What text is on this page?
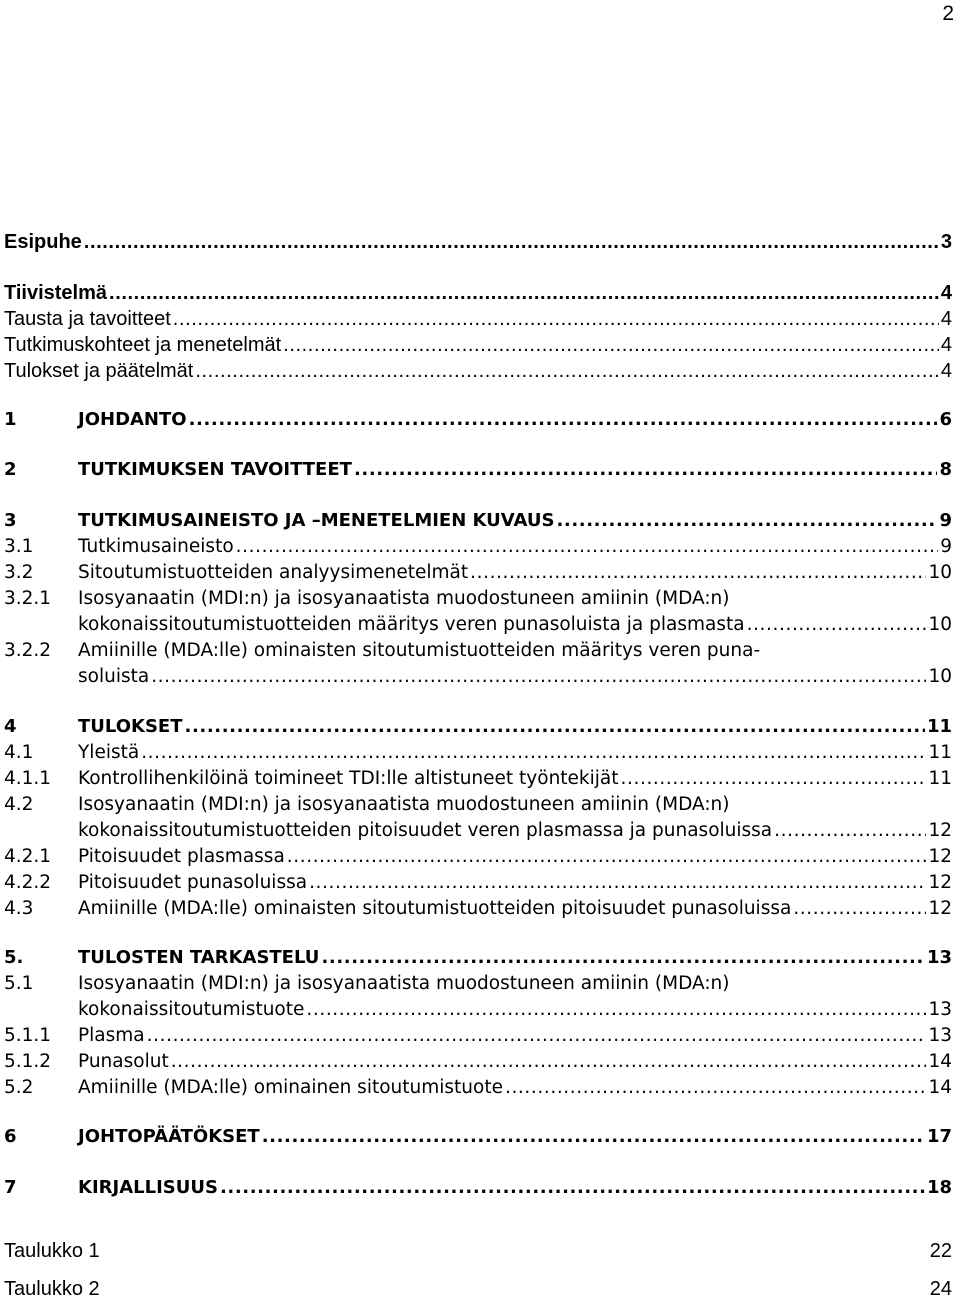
2
Esipuhe .....	3
Tiivistelmä .....	4
Tausta ja tavoitteet .....	4
Tutkimuskohteet ja menetelmät .....	4
Tulokset ja päätelmät .....	4
1	JOHDANTO .....	6
2	TUTKIMUKSEN TAVOITTEET .....	8
3	TUTKIMUSAINEISTO JA –MENETELMIEN KUVAUS .....	9
3.1 Tutkimusaineisto .....	9
3.2 Sitoutumistuotteiden analyysimenetelmät .....	10
3.2.1 Isosyanaatin (MDI:n) ja isosyanaatista muodostuneen amiinin (MDA:n)
kokonaissitoutumistuotteiden määritys veren punasoluista ja plasmasta .....	10
3.2.2 Amiinille (MDA:lle) ominaisten sitoutumistuotteiden määritys veren puna-
soluista .....	10
4	TULOKSET .....	11
4.1 Yleistä .....	11
4.1.1 Kontrollihenkilöinä toimineet TDI:lle altistuneet työntekijät .....	11
4.2 Isosyanaatin (MDI:n) ja isosyanaatista muodostuneen amiinin (MDA:n)
kokonaissitoutumistuotteiden pitoisuudet veren plasmassa ja punasoluissa .....	12
4.2.1 Pitoisuudet plasmassa .....	12
4.2.2 Pitoisuudet punasoluissa .....	12
4.3 Amiinille (MDA:lle) ominaisten sitoutumistuotteiden pitoisuudet punasoluissa .....	12
5.	TULOSTEN TARKASTELU .....	13
5.1 Isosyanaatin (MDI:n) ja isosyanaatista muodostuneen amiinin (MDA:n)
kokonaissitoutumistuote .....	13
5.1.1 Plasma .....	13
5.1.2 Punasolut .....	14
5.2 Amiinille (MDA:lle) ominainen sitoutumistuote .....	14
6	JOHTOPÄÄTÖKSET .....	17
7	KIRJALLISUUS .....	18
Taulukko 1	22
Taulukko 2	24
